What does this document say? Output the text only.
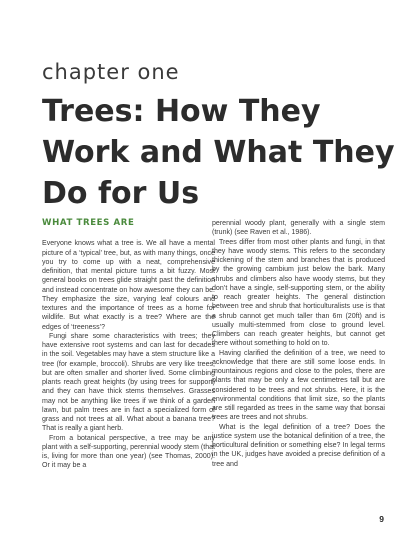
chapter one
Trees: How They Work and What They Do for Us
WHAT TREES ARE

Everyone knows what a tree is. We all have a mental picture of a ‘typical’ tree, but, as with many things, once you try to come up with a neat, comprehensive definition, that mental picture turns a bit fuzzy. Most general books on trees glide straight past the definition and instead concentrate on how awesome they can be. They emphasize the size, varying leaf colours and textures and the importance of trees as a home for wildlife. But what exactly is a tree? Where are the edges of ‘treeness’?

Fungi share some characteristics with trees; they have extensive root systems and can last for decades in the soil. Vegetables may have a stem structure like a tree (for example, broccoli). Shrubs are very like trees, but are often smaller and shorter lived. Some climbing plants reach great heights (by using trees for support) and they can have thick stems themselves. Grasses may not be anything like trees if we think of a garden lawn, but palm trees are in fact a specialized form of grass and not trees at all. What about a banana tree? That is really a giant herb.

From a botanical perspective, a tree may be any plant with a self-supporting, perennial woody stem (that is, living for more than one year) (see Thomas, 2000). Or it may be a

perennial woody plant, generally with a single stem (trunk) (see Raven et al., 1986).

Trees differ from most other plants and fungi, in that they have woody stems. This refers to the secondary thickening of the stem and branches that is produced by the growing cambium just below the bark. Many shrubs and climbers also have woody stems, but they don’t have a single, self-supporting stem, or the ability to reach greater heights. The general distinction between tree and shrub that horticulturalists use is that a shrub cannot get much taller than 6m (20ft) and is usually multi-stemmed from close to ground level. Climbers can reach greater heights, but cannot get there without something to hold on to.

Having clarified the definition of a tree, we need to acknowledge that there are still some loose ends. In mountainous regions and close to the poles, there are plants that may be only a few centimetres tall but are considered to be trees and not shrubs. Here, it is the environmental conditions that limit size, so the plants are still regarded as trees in the same way that bonsai trees are trees and not shrubs.

What is the legal definition of a tree? Does the justice system use the botanical definition of a tree, the horticultural definition or something else? In legal terms in the UK, judges have avoided a precise definition of a tree and

9
